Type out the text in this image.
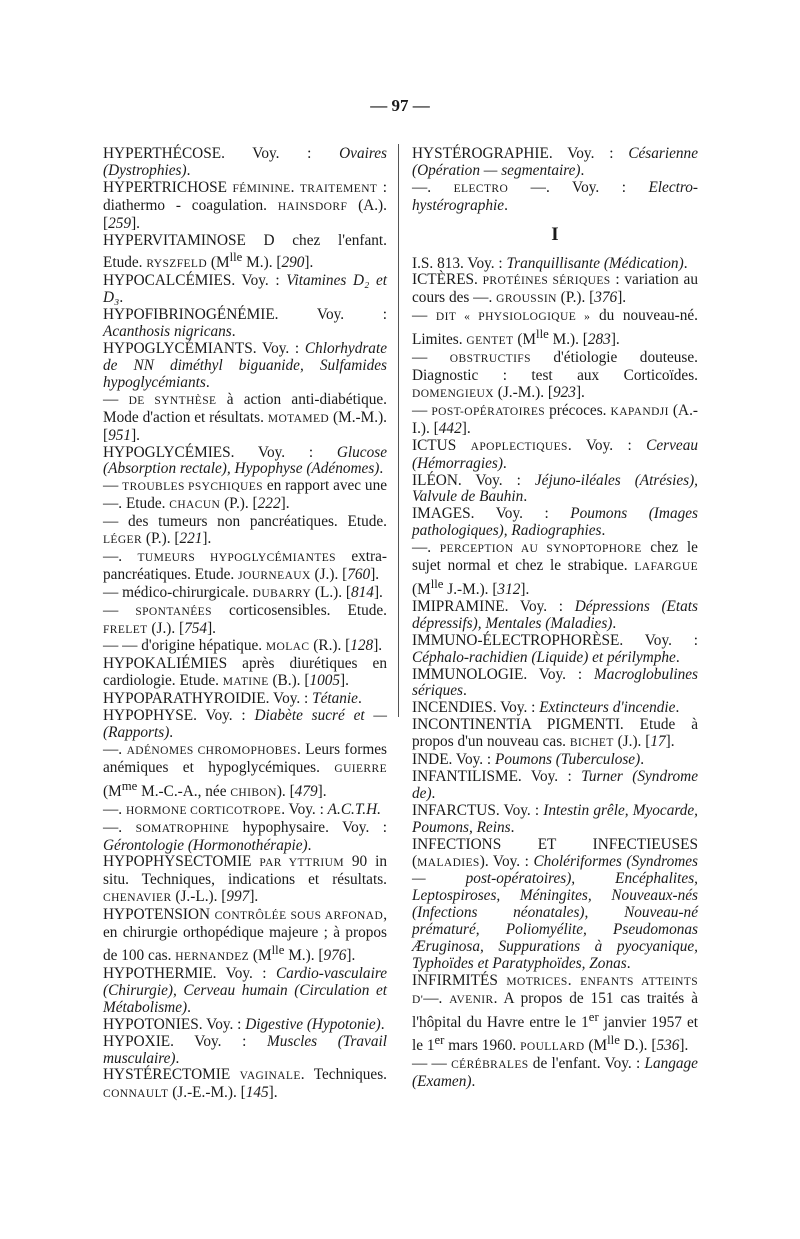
— 97 —

HYPERTHÉCOSE. Voy. : Ovaires (Dystrophies).

HYPERTRICHOSE FÉMININE. TRAITEMENT : diathermo - coagulation. HAINSDORF (A.). [259].

HYPERVITAMINOSE D chez l'enfant. Etude. RYSZFELD ($M^{lle}$ M.). [290].

HYPOCALCÉMIES. Voy. : Vitamines D₂ et D₃.

HYPOFIBRINOGÉNÉMIE. Voy. : Acanthosis nigricans.

HYPOGLYCÉMIANTS. Voy. : Chlorhydrate de NN diméthyl biguanide, Sulfamides hypoglycémiants.

— DE SYNTHÈSE à action anti-diabétique. Mode d'action et résultats. MOTAMED (M.-M.). [951].

HYPOGLYCÉMIES. Voy. : Glucose (Absorption rectale), Hypophyse (Adénomes).

— TROUBLES PSYCHIQUES en rapport avec une —. Etude. CHACUN (P.). [222].

— des tumeurs non pancréatiques. Etude. LÉGER (P.). [221].

—. TUMEURS HYPOGLYCÉMIANTES extra-pancréatiques. Etude. JOURNEAUX (J.). [760].

— médico-chirurgicale. DUBARRY (L.). [814].

— SPONTANÉES corticosensibles. Etude. FRELET (J.). [754].

— — d'origine hépatique. MOLAC (R.). [128].

HYPOKALIÉMIES après diurétiques en cardiologie. Etude. MATINE (B.). [1005].

HYPOPARATHYROIDIE. Voy. : Tétanie.

HYPOPHYSE. Voy. : Diabète sucré et — (Rapports).

—. ADÉNOMES CHROMOPHOBES. Leurs formes anémiques et hypoglycémiques. GUIERRE ($M^{me}$ M.-C.-A., née CHIBON). [479].

—. HORMONE CORTICOTROPE. Voy. : A.C.T.H.

—. SOMATROPHINE hypophysaire. Voy. : Gérontologie (Hormonothérapie).

HYPOPHYSECTOMIE PAR YTTRIUM 90 in situ. Techniques, indications et résultats. CHENAVIER (J.-L.). [997].

HYPOTENSION CONTRÔLÉE SOUS ARFONAD, en chirurgie orthopédique majeure ; à propos de 100 cas. HERNANDEZ ($M^{lle}$ M.). [976].

HYPOTHERMIE. Voy. : Cardio-vasculaire (Chirurgie), Cerveau humain (Circulation et Métabolisme).

HYPOTONIES. Voy. : Digestive (Hypotonie).

HYPOXIE. Voy. : Muscles (Travail musculaire).

HYSTÉRECTOMIE VAGINALE. Techniques. CONNAULT (J.-E.-M.). [145].

HYSTÉROGRAPHIE. Voy. : Césarienne (Opération — segmentaire).

—. ELECTRO —. Voy. : Electro-hystérographie.

I

I.S. 813. Voy. : Tranquillisante (Médication).

ICTÈRES. PROTÉINES SÉRIQUES : variation au cours des —. GROUSSIN (P.). [376].

— DIT « PHYSIOLOGIQUE » du nouveau-né. Limites. GENTET ($M^{lle}$ M.). [283].

— OBSTRUCTIFS d'étiologie douteuse. Diagnostic : test aux Corticoïdes. DOMENGIEUX (J.-M.). [923].

— POST-OPÉRATOIRES précoces. KAPANDJI (A.-I.). [442].

ICTUS APOPLECTIQUES. Voy. : Cerveau (Hémorragies).

ILÉON. Voy. : Jéjuno-iléales (Atrésies), Valvule de Bauhin.

IMAGES. Voy. : Poumons (Images pathologiques), Radiographies.

—. PERCEPTION AU SYNOPTOPHORE chez le sujet normal et chez le strabique. LAFARGUE ($M^{lle}$ J.-M.). [312].

IMIPRAMINE. Voy. : Dépressions (Etats dépressifs), Mentales (Maladies).

IMMUNO-ÉLECTROPHORÈSE. Voy. : Céphalo-rachidien (Liquide) et périlymphe.

IMMUNOLOGIE. Voy. : Macroglobulines sériques.

INCENDIES. Voy. : Extincteurs d'incendie.

INCONTINENTIA PIGMENTI. Etude à propos d'un nouveau cas. BICHET (J.). [17].

INDE. Voy. : Poumons (Tuberculose).

INFANTILISME. Voy. : Turner (Syndrome de).

INFARCTUS. Voy. : Intestin grêle, Myocarde, Poumons, Reins.

INFECTIONS ET INFECTIEUSES (MALADIES). Voy. : Cholériformes (Syndromes — post-opératoires), Encéphalites, Leptospiroses, Méningites, Nouveaux-nés (Infections néonatales), Nouveau-né prématuré, Poliomyélite, Pseudomonas Æruginosa, Suppurations à pyocyanique, Typhoïdes et Paratyphoïdes, Zonas.

INFIRMITÉS MOTRICES. ENFANTS ATTEINTS D'—. AVENIR. A propos de 151 cas traités à l'hôpital du Havre entre le 1er janvier 1957 et le 1er mars 1960. POULLARD ($M^{lle}$ D.). [536].

— — CÉRÉBRALES de l'enfant. Voy. : Langage (Examen).
